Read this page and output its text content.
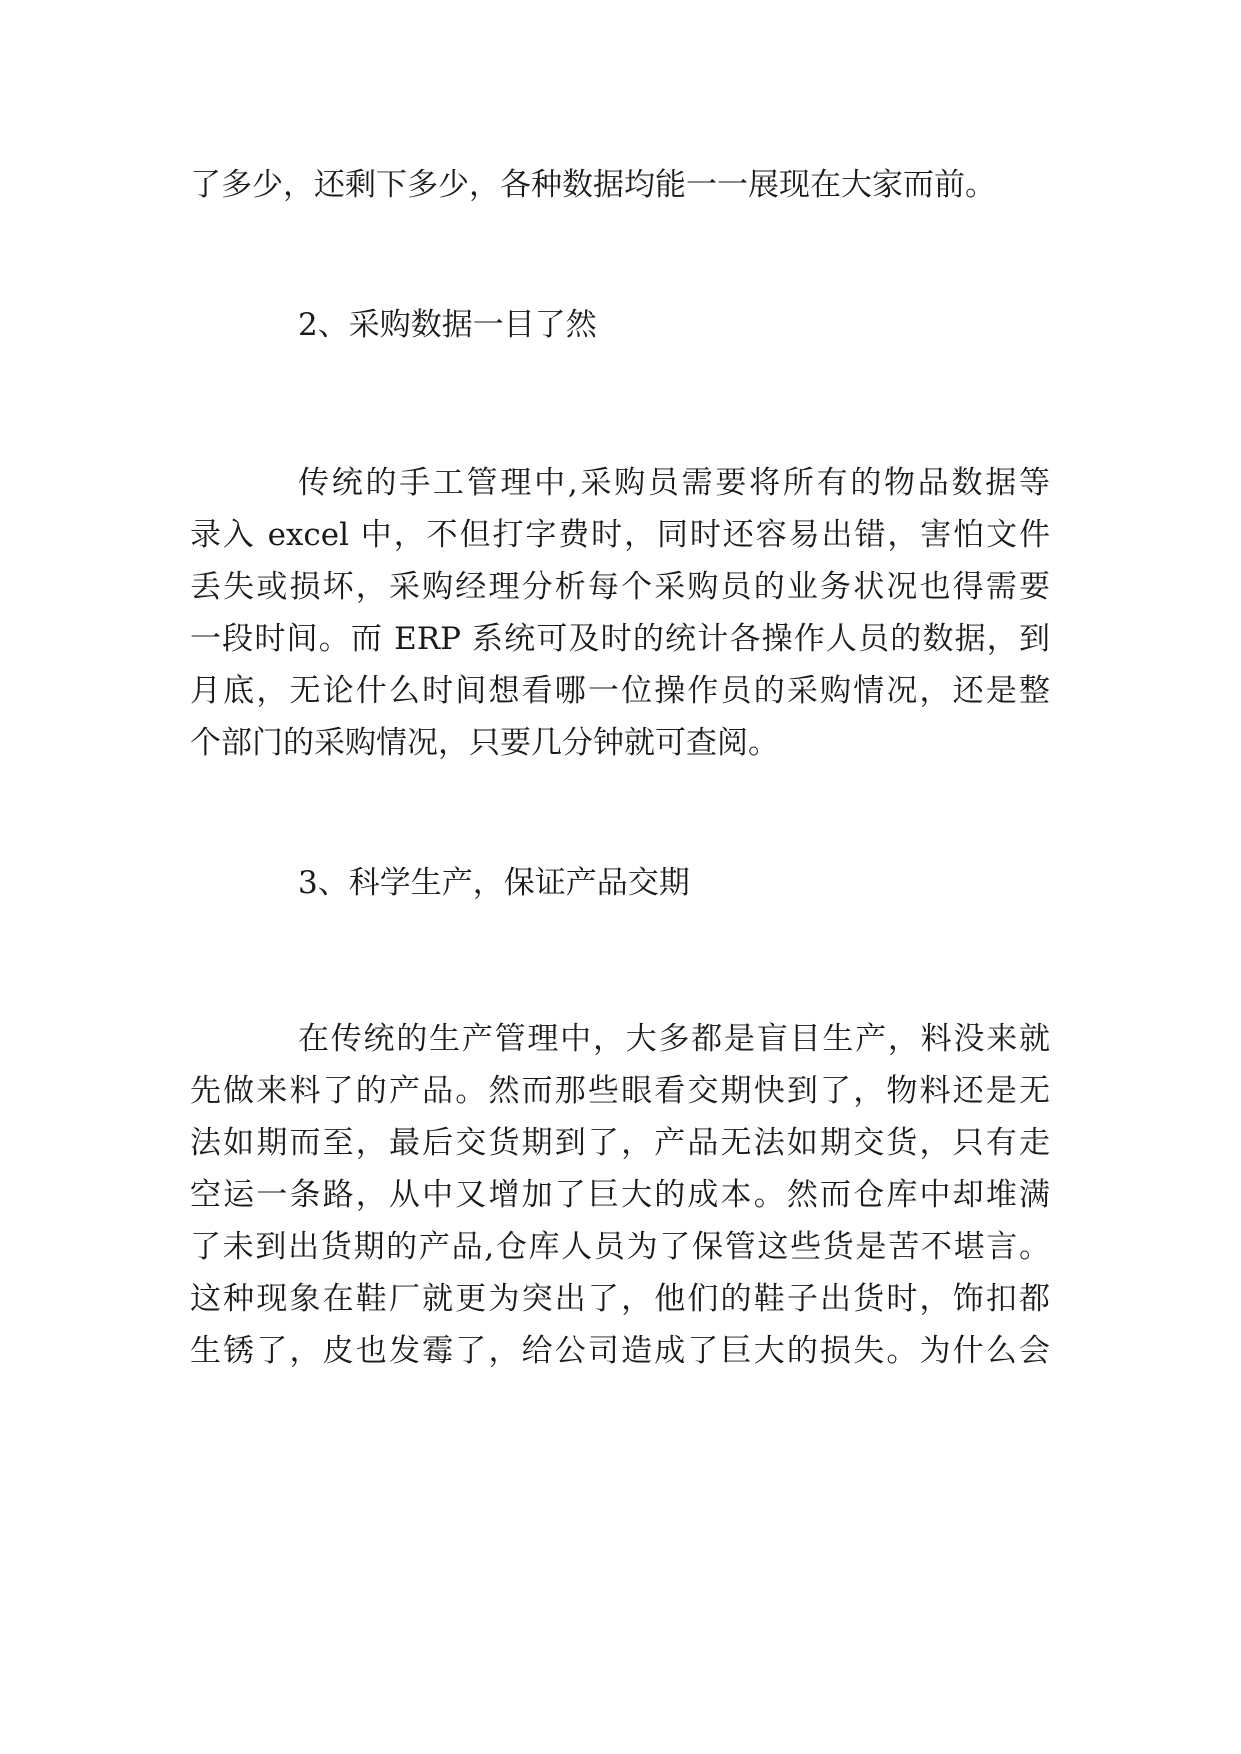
了多少，还剩下多少，各种数据均能一一展现在大家而前。
2、采购数据一目了然
传统的手工管理中,采购员需要将所有的物品数据等
录入 excel 中，不但打字费时，同时还容易出错，害怕文件
丢失或损坏，采购经理分析每个采购员的业务状况也得需要
一段时间。而 ERP 系统可及时的统计各操作人员的数据，到
月底，无论什么时间想看哪一位操作员的采购情况，还是整
个部门的采购情况，只要几分钟就可查阅。
3、科学生产，保证产品交期
在传统的生产管理中，大多都是盲目生产，料没来就
先做来料了的产品。然而那些眼看交期快到了，物料还是无
法如期而至，最后交货期到了，产品无法如期交货，只有走
空运一条路，从中又增加了巨大的成本。然而仓库中却堆满
了未到出货期的产品,仓库人员为了保管这些货是苦不堪言。
这种现象在鞋厂就更为突出了，他们的鞋子出货时，饰扣都
生锈了，皮也发霉了，给公司造成了巨大的损失。为什么会
